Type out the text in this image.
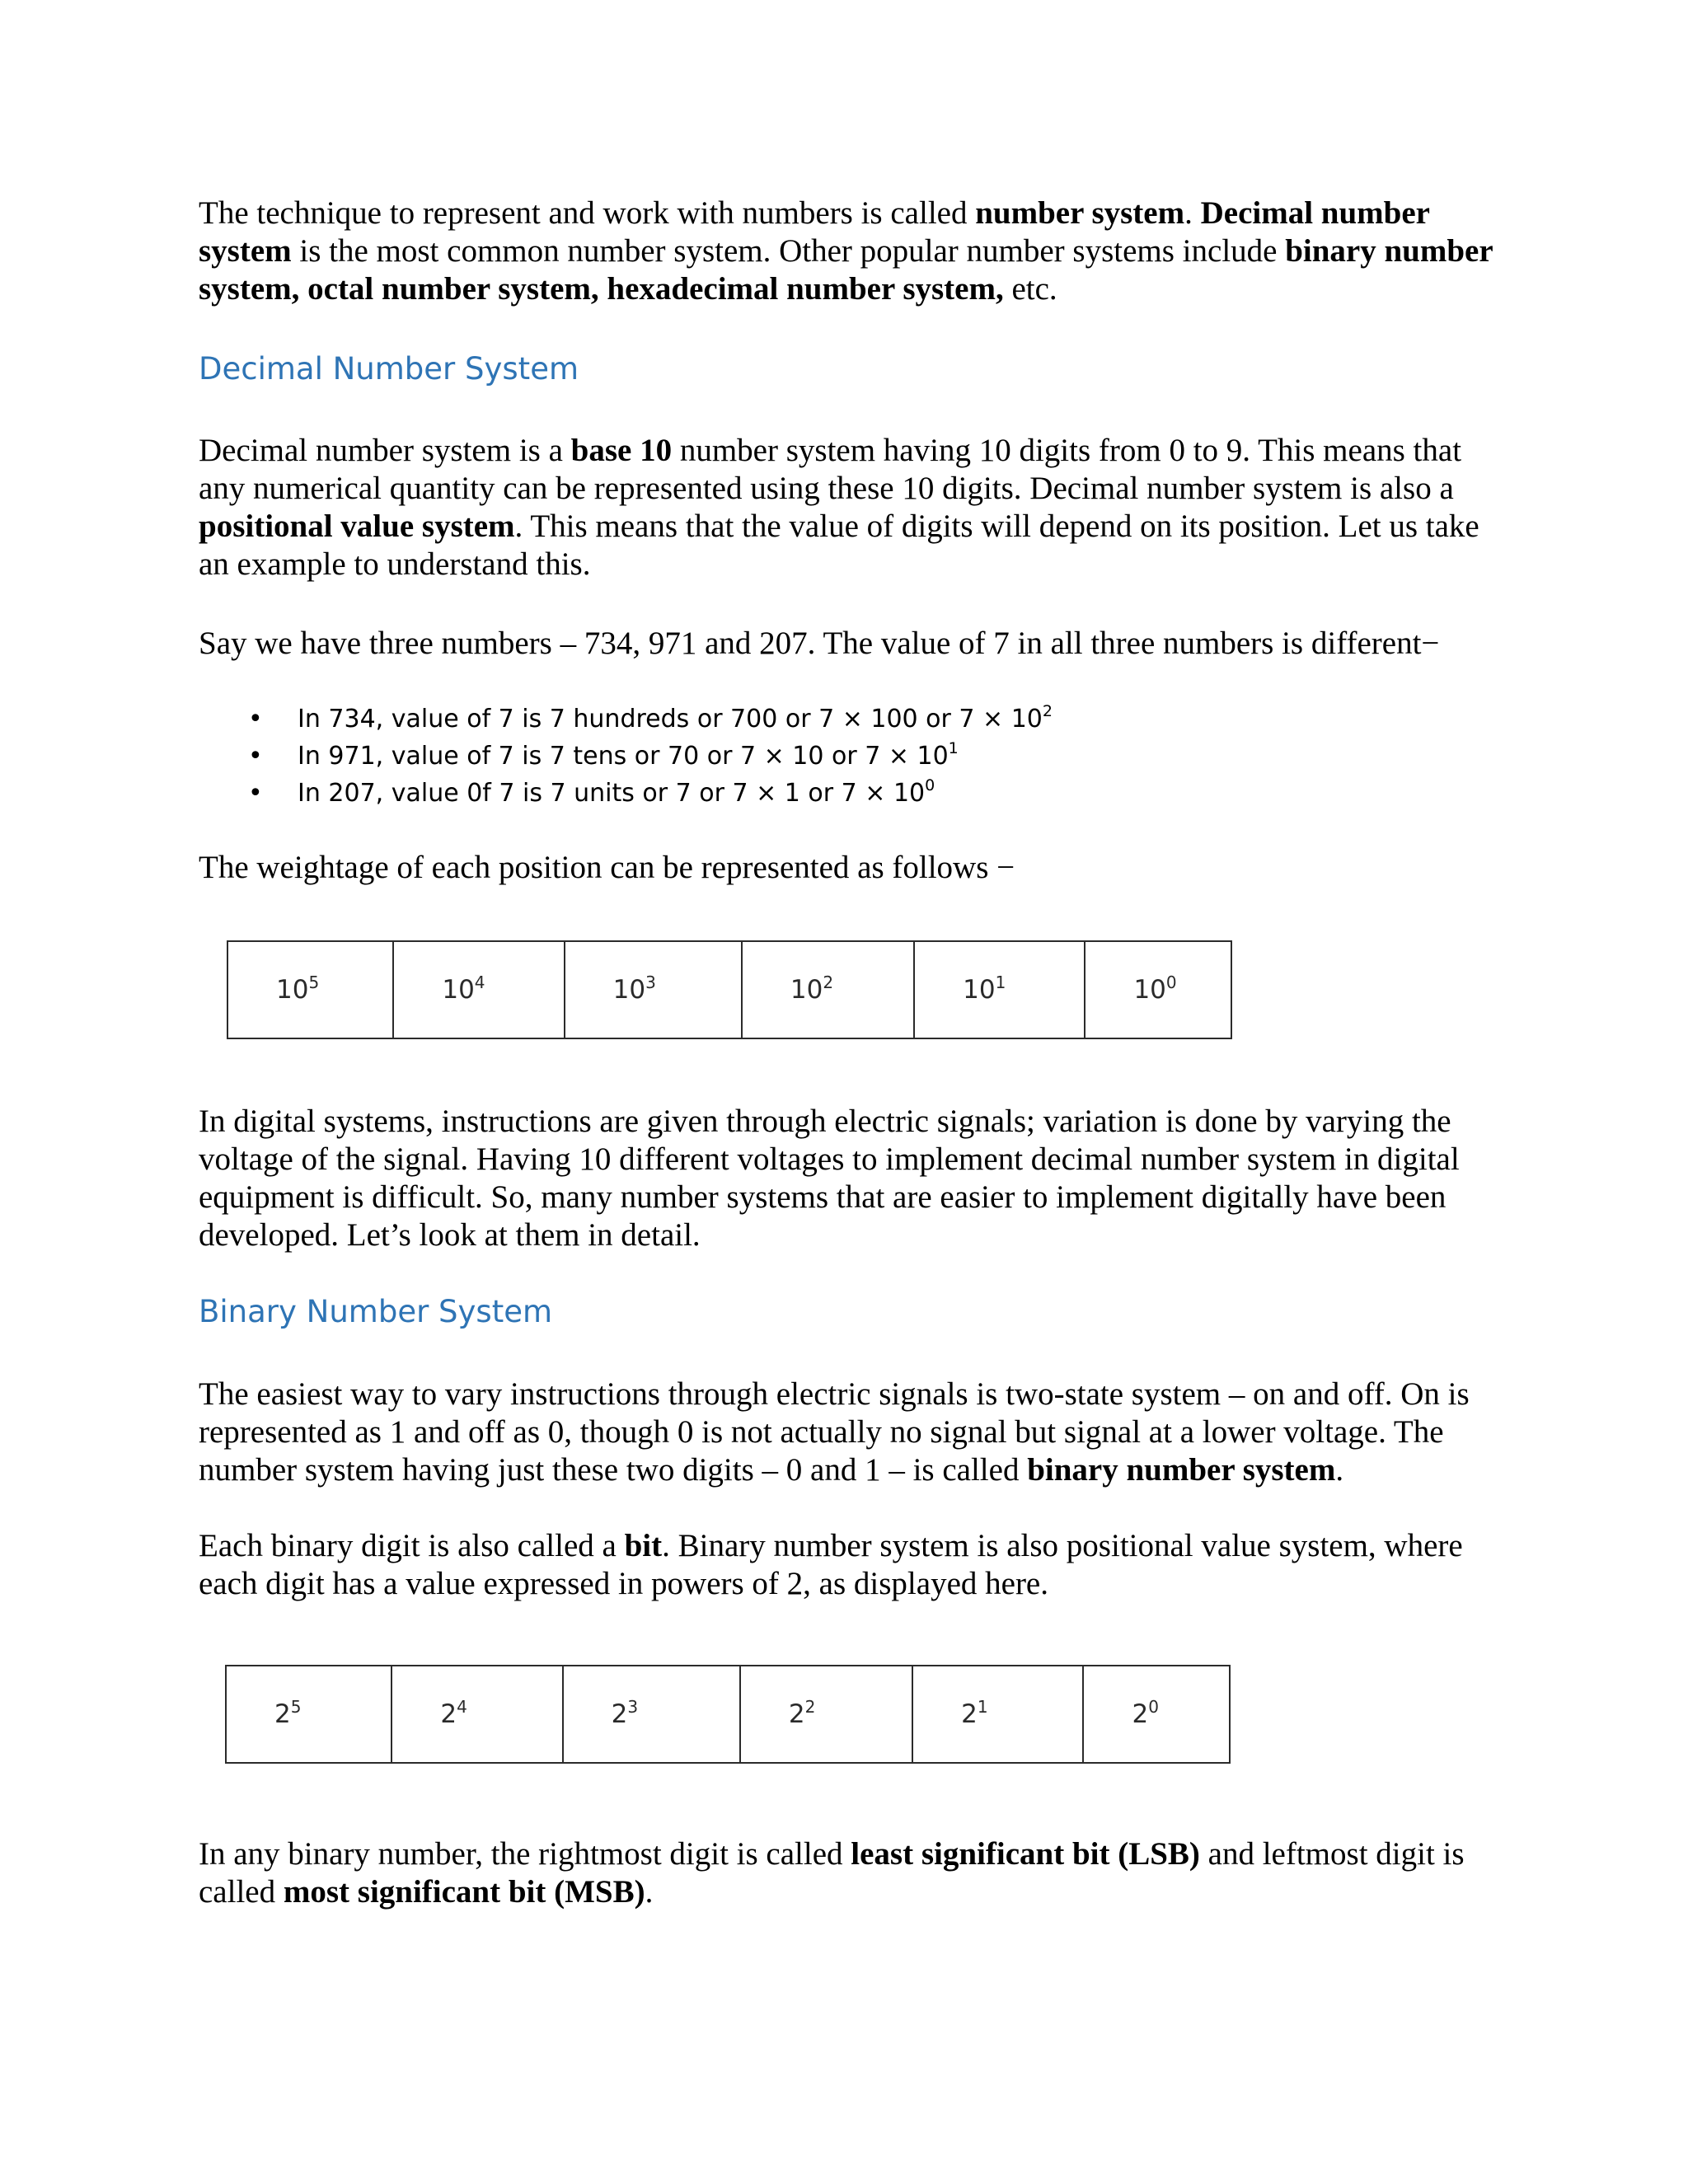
The technique to represent and work with numbers is called number system. Decimal number system is the most common number system. Other popular number systems include binary number system, octal number system, hexadecimal number system, etc.

Decimal Number System

Decimal number system is a base 10 number system having 10 digits from 0 to 9. This means that any numerical quantity can be represented using these 10 digits. Decimal number system is also a positional value system. This means that the value of digits will depend on its position. Let us take an example to understand this.

Say we have three numbers – 734, 971 and 207. The value of 7 in all three numbers is different−

• In 734, value of 7 is 7 hundreds or 700 or 7 × 100 or $7 \times 10^2$
• In 971, value of 7 is 7 tens or 70 or 7 × 10 or $7 \times 10^1$
• In 207, value 0f 7 is 7 units or 7 or 7 × 1 or $7 \times 10^0$

The weightage of each position can be represented as follows −

$10^5$	$10^4$	$10^3$	$10^2$	$10^1$	$10^0$

In digital systems, instructions are given through electric signals; variation is done by varying the voltage of the signal. Having 10 different voltages to implement decimal number system in digital equipment is difficult. So, many number systems that are easier to implement digitally have been developed. Let’s look at them in detail.

Binary Number System

The easiest way to vary instructions through electric signals is two-state system – on and off. On is represented as 1 and off as 0, though 0 is not actually no signal but signal at a lower voltage. The number system having just these two digits – 0 and 1 – is called binary number system.

Each binary digit is also called a bit. Binary number system is also positional value system, where each digit has a value expressed in powers of 2, as displayed here.

$2^5$	$2^4$	$2^3$	$2^2$	$2^1$	$2^0$

In any binary number, the rightmost digit is called least significant bit (LSB) and leftmost digit is called most significant bit (MSB).
